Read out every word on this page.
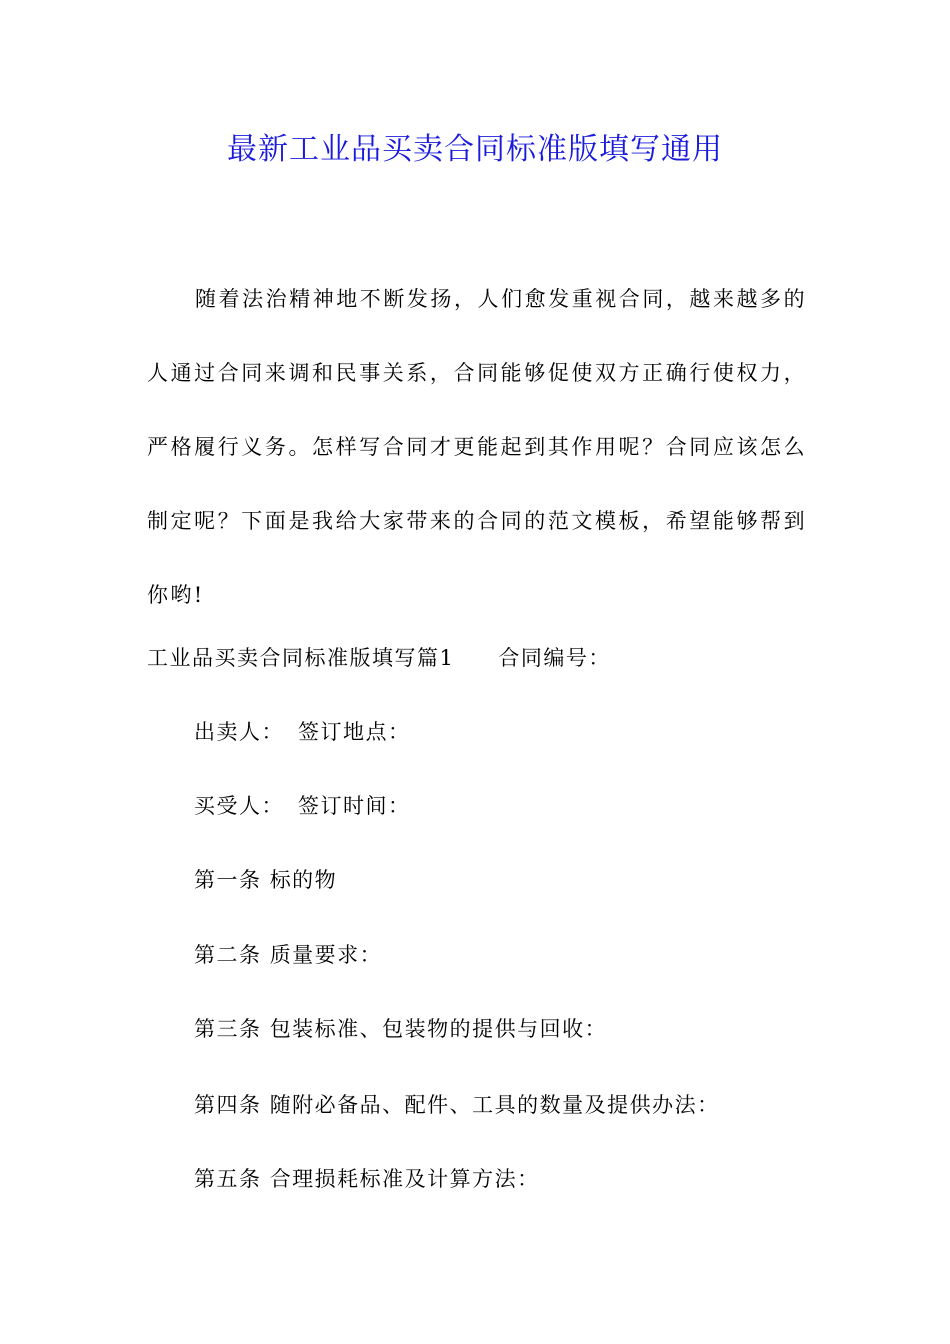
最新工业品买卖合同标准版填写通用

随着法治精神地不断发扬，人们愈发重视合同，越来越多的人通过合同来调和民事关系，合同能够促使双方正确行使权力，严格履行义务。怎样写合同才更能起到其作用呢？合同应该怎么制定呢？下面是我给大家带来的合同的范文模板，希望能够帮到你哟!

工业品买卖合同标准版填写篇1 合同编号：
出卖人： 签订地点：
买受人： 签订时间：
第一条 标的物
第二条 质量要求：
第三条 包装标准、包装物的提供与回收：
第四条 随附必备品、配件、工具的数量及提供办法：
第五条 合理损耗标准及计算方法：
